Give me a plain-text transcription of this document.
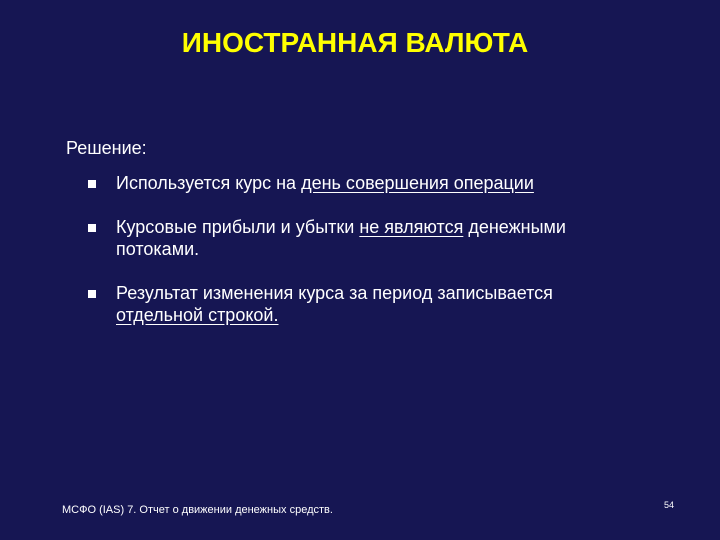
ИНОСТРАННАЯ ВАЛЮТА
Решение:
Используется курс на день совершения операции
Курсовые прибыли и убытки не являются денежными потоками.
Результат изменения курса за период записывается отдельной строкой.
МСФО (IAS) 7. Отчет о движении денежных средств.	54
